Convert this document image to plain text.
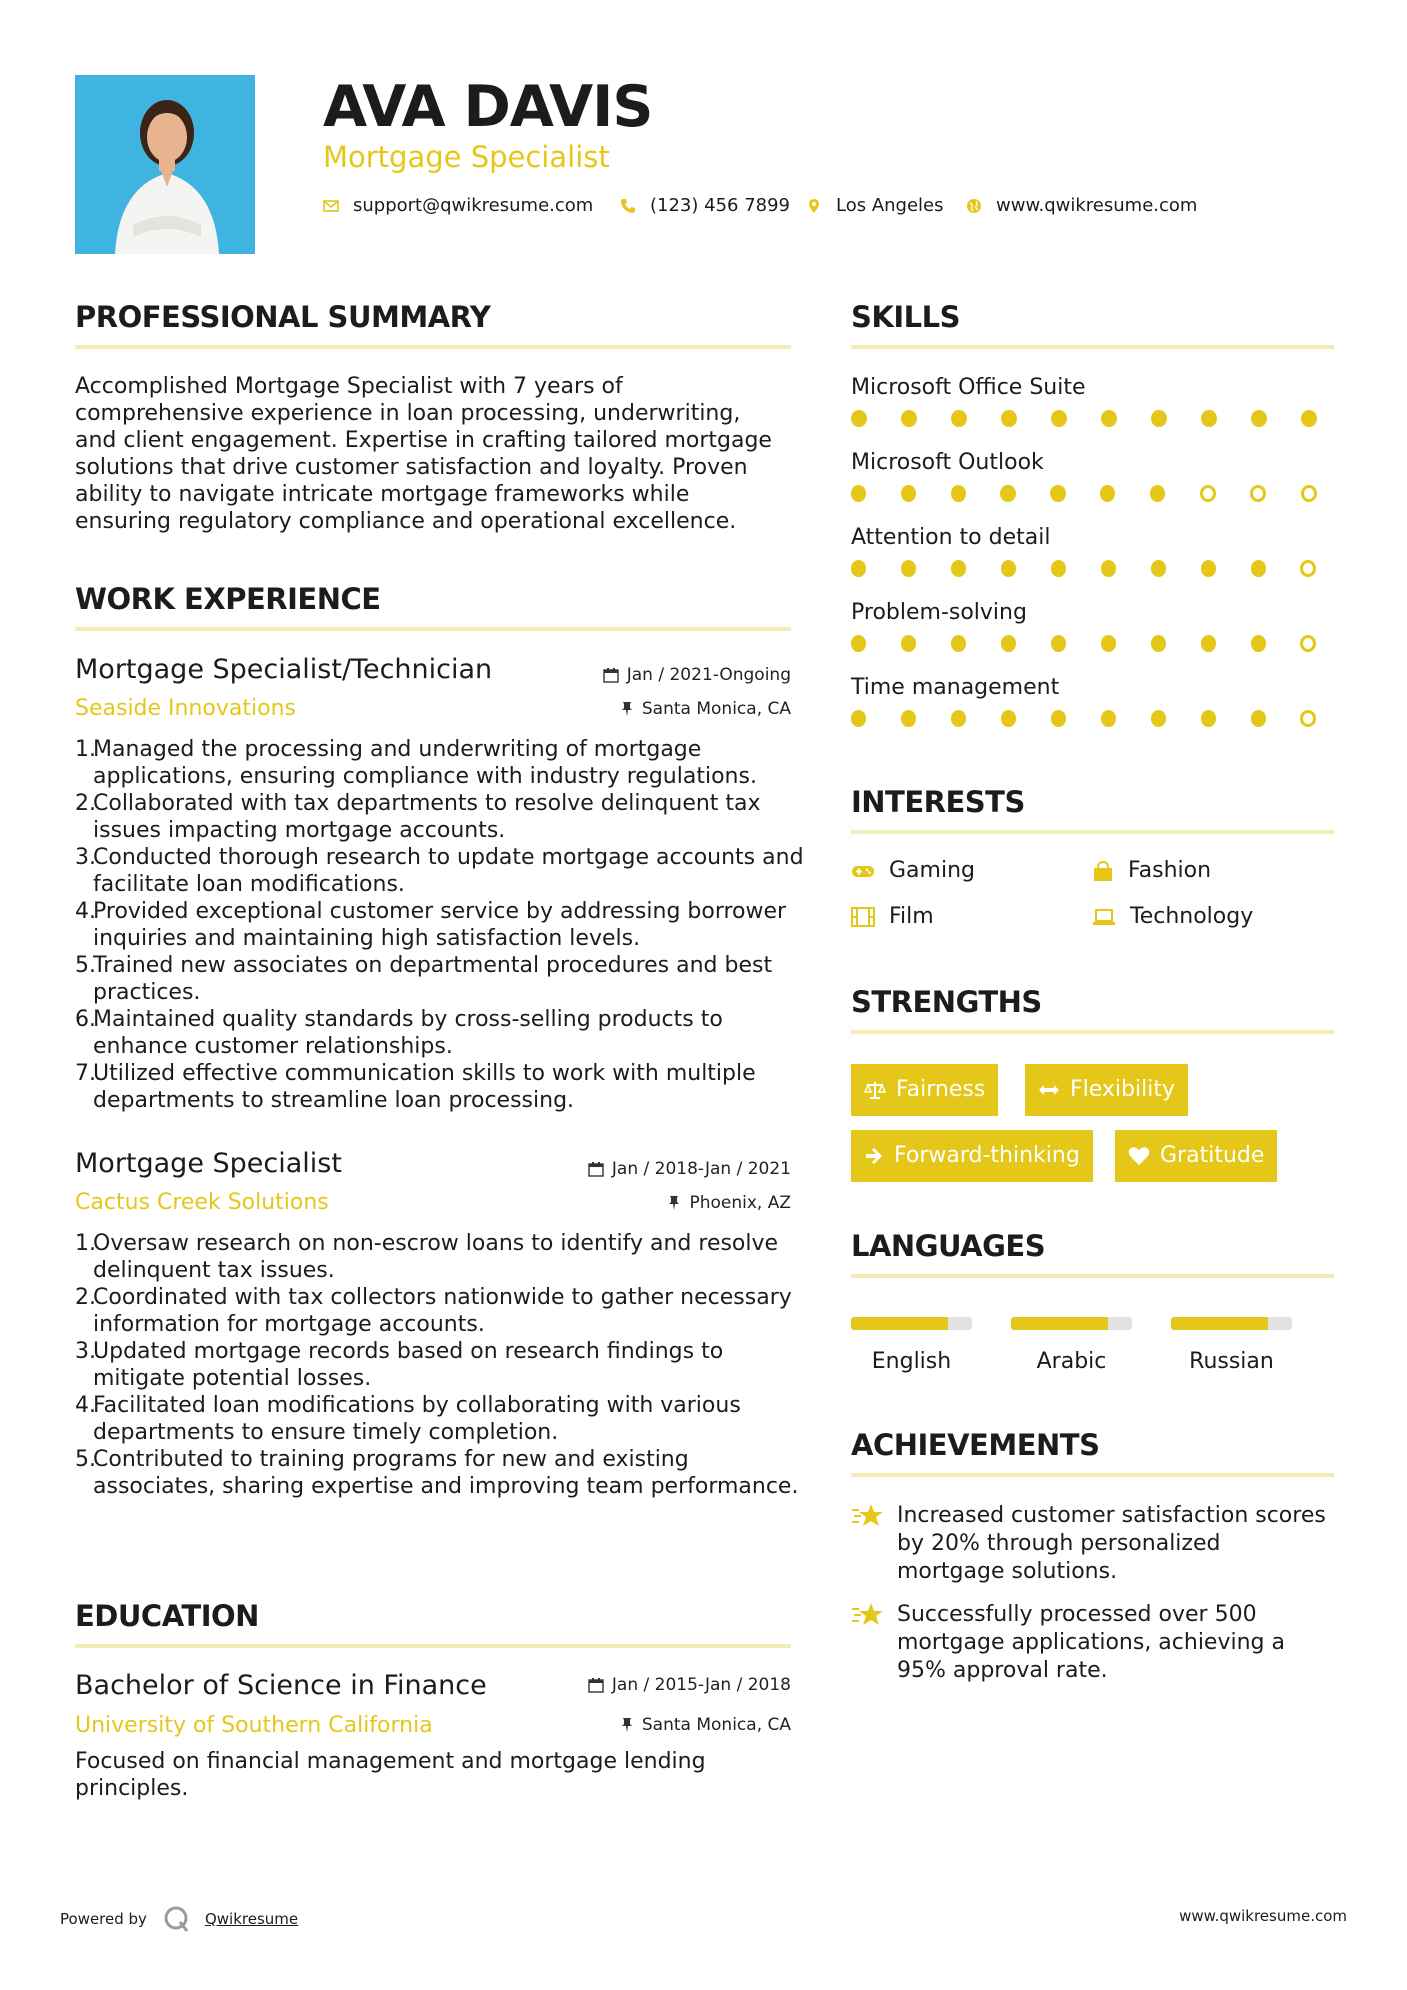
AVA DAVIS
Mortgage Specialist
support@qwikresume.com	(123) 456 7899	Los Angeles	www.qwikresume.com
PROFESSIONAL SUMMARY
Accomplished Mortgage Specialist with 7 years of
comprehensive experience in loan processing, underwriting,
and client engagement. Expertise in crafting tailored mortgage
solutions that drive customer satisfaction and loyalty. Proven
ability to navigate intricate mortgage frameworks while
ensuring regulatory compliance and operational excellence.
WORK EXPERIENCE
Mortgage Specialist/Technician
Seaside Innovations
Jan / 2021-Ongoing
Santa Monica, CA
Managed the processing and underwriting of mortgage applications, ensuring compliance with industry regulations.
Collaborated with tax departments to resolve delinquent tax issues impacting mortgage accounts.
Conducted thorough research to update mortgage accounts and facilitate loan modifications.
Provided exceptional customer service by addressing borrower inquiries and maintaining high satisfaction levels.
Trained new associates on departmental procedures and best practices.
Maintained quality standards by cross-selling products to enhance customer relationships.
Utilized effective communication skills to work with multiple departments to streamline loan processing.
Mortgage Specialist
Cactus Creek Solutions
Jan / 2018-Jan / 2021
Phoenix, AZ
Oversaw research on non-escrow loans to identify and resolve delinquent tax issues.
Coordinated with tax collectors nationwide to gather necessary information for mortgage accounts.
Updated mortgage records based on research findings to mitigate potential losses.
Facilitated loan modifications by collaborating with various departments to ensure timely completion.
Contributed to training programs for new and existing associates, sharing expertise and improving team performance.
EDUCATION
Bachelor of Science in Finance
University of Southern California
Jan / 2015-Jan / 2018
Santa Monica, CA
Focused on financial management and mortgage lending principles.
SKILLS
Microsoft Office Suite
Microsoft Outlook
Attention to detail
Problem-solving
Time management
INTERESTS
Gaming	Fashion
Film	Technology
STRENGTHS
Fairness	Flexibility
Forward-thinking	Gratitude
LANGUAGES
English	Arabic	Russian
ACHIEVEMENTS
Increased customer satisfaction scores by 20% through personalized mortgage solutions.
Successfully processed over 500 mortgage applications, achieving a 95% approval rate.
Powered by	Qwikresume	www.qwikresume.com
